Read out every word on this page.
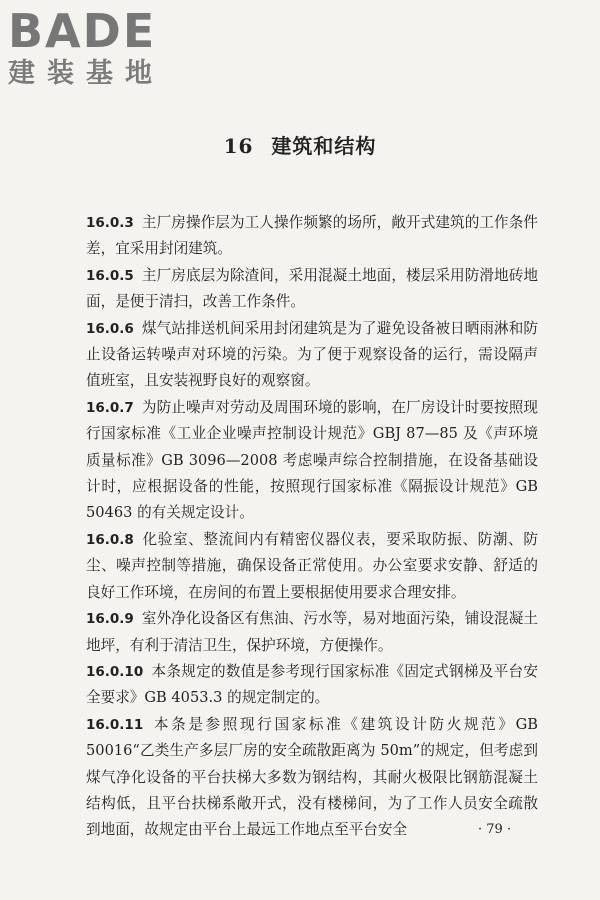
BADE
建装基地
16 建筑和结构

16.0.3 主厂房操作层为工人操作频繁的场所，敞开式建筑的工作条件差，宜采用封闭建筑。

16.0.5 主厂房底层为除渣间，采用混凝土地面，楼层采用防滑地砖地面，是便于清扫，改善工作条件。

16.0.6 煤气站排送机间采用封闭建筑是为了避免设备被日晒雨淋和防止设备运转噪声对环境的污染。为了便于观察设备的运行，需设隔声值班室，且安装视野良好的观察窗。

16.0.7 为防止噪声对劳动及周围环境的影响，在厂房设计时要按照现行国家标准《工业企业噪声控制设计规范》GBJ 87—85 及《声环境质量标准》GB 3096—2008 考虑噪声综合控制措施，在设备基础设计时，应根据设备的性能，按照现行国家标准《隔振设计规范》GB 50463 的有关规定设计。

16.0.8 化验室、整流间内有精密仪器仪表，要采取防振、防潮、防尘、噪声控制等措施，确保设备正常使用。办公室要求安静、舒适的良好工作环境，在房间的布置上要根据使用要求合理安排。

16.0.9 室外净化设备区有焦油、污水等，易对地面污染，铺设混凝土地坪，有利于清洁卫生，保护环境，方便操作。

16.0.10 本条规定的数值是参考现行国家标准《固定式钢梯及平台安全要求》GB 4053.3 的规定制定的。

16.0.11 本条是参照现行国家标准《建筑设计防火规范》GB 50016“乙类生产多层厂房的安全疏散距离为 50m”的规定，但考虑到煤气净化设备的平台扶梯大多数为钢结构，其耐火极限比钢筋混凝土结构低，且平台扶梯系敞开式，没有楼梯间，为了工作人员安全疏散到地面，故规定由平台上最远工作地点至平台安全	· 79 ·
